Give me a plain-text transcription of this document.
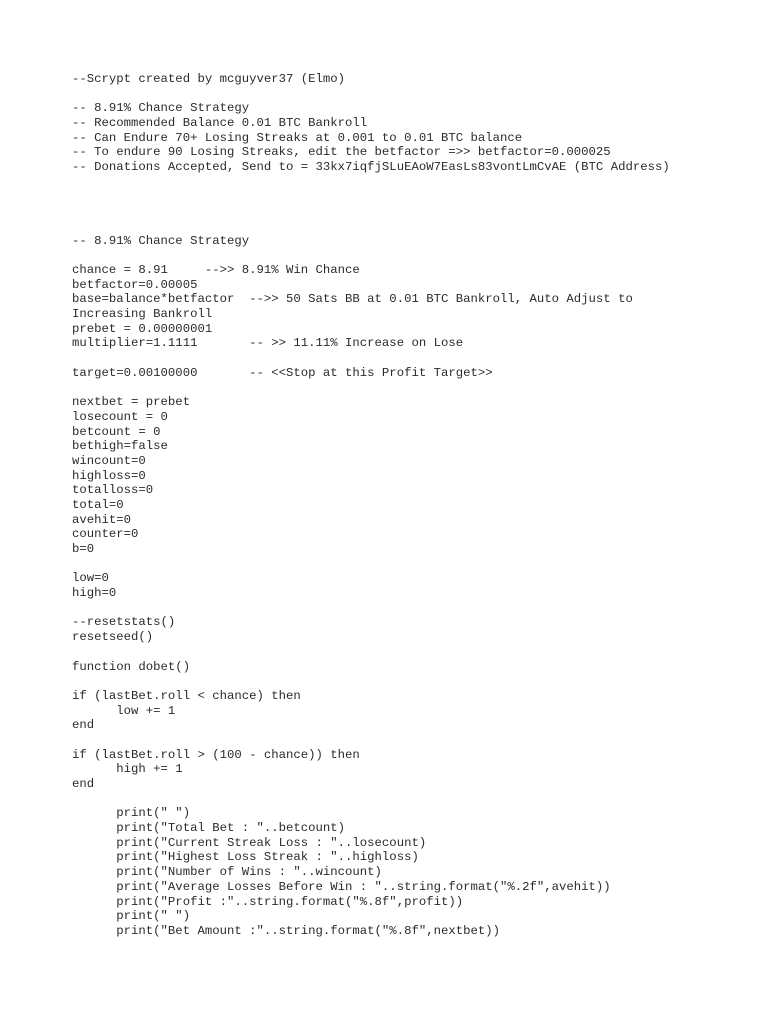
--Scrypt created by mcguyver37 (Elmo)
-- 8.91% Chance Strategy
-- Recommended Balance 0.01 BTC Bankroll
-- Can Endure 70+ Losing Streaks at 0.001 to 0.01 BTC balance
-- To endure 90 Losing Streaks, edit the betfactor =>> betfactor=0.000025
-- Donations Accepted, Send to = 33kx7iqfjSLuEAoW7EasLs83vontLmCvAE (BTC Address)
-- 8.91% Chance Strategy
chance = 8.91     -->> 8.91% Win Chance
betfactor=0.00005
base=balance*betfactor  -->> 50 Sats BB at 0.01 BTC Bankroll, Auto Adjust to
Increasing Bankroll
prebet = 0.00000001
multiplier=1.1111       -- >> 11.11% Increase on Lose
target=0.00100000       -- <<Stop at this Profit Target>>
nextbet = prebet
losecount = 0
betcount = 0
bethigh=false
wincount=0
highloss=0
totalloss=0
total=0
avehit=0
counter=0
b=0
low=0
high=0
--resetstats()
resetseed()
function dobet()
if (lastBet.roll < chance) then
low += 1
end
if (lastBet.roll > (100 - chance)) then
high += 1
end
print(" ")
print("Total Bet : "..betcount)
print("Current Streak Loss : "..losecount)
print("Highest Loss Streak : "..highloss)
print("Number of Wins : "..wincount)
print("Average Losses Before Win : "..string.format("%.2f",avehit))
print("Profit :"..string.format("%.8f",profit))
print(" ")
print("Bet Amount :"..string.format("%.8f",nextbet))
